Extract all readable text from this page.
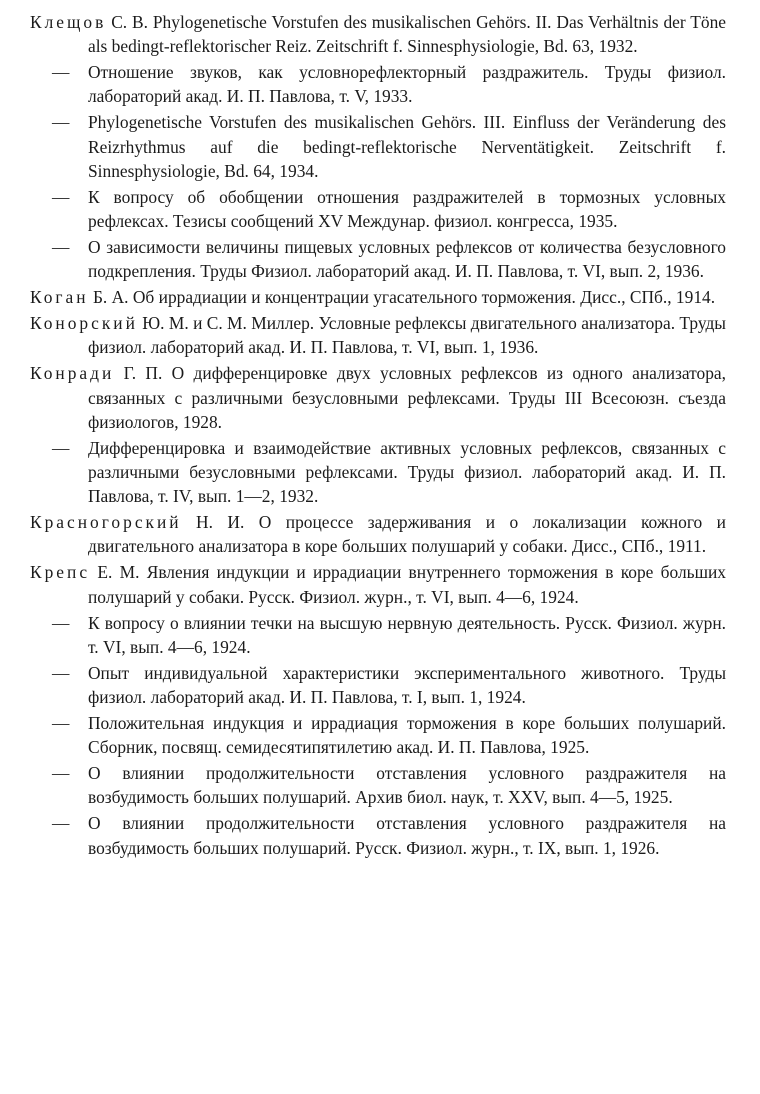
Клещов С. В. Phylogenetische Vorstufen des musikalischen Gehörs. II. Das Verhältnis der Töne als bedingt-reflektorischer Reiz. Zeitschrift f. Sinnesphysiologie, Bd. 63, 1932.
— Отношение звуков, как условнорефлекторный раздражитель. Труды физиол. лабораторий акад. И. П. Павлова, т. V, 1933.
— Phylogenetische Vorstufen des musikalischen Gehörs. III. Einfluss der Veränderung des Reizrhythmus auf die bedingt-reflektorische Nerventätigkeit. Zeitschrift f. Sinnesphysiologie, Bd. 64, 1934.
— К вопросу об обобщении отношения раздражителей в тормозных условных рефлексах. Тезисы сообщений XV Междунар. физиол. конгресса, 1935.
— О зависимости величины пищевых условных рефлексов от количества безусловного подкрепления. Труды Физиол. лабораторий акад. И. П. Павлова, т. VI, вып. 2, 1936.
Коган Б. А. Об иррадиации и концентрации угасательного торможения. Дисс., СПб., 1914.
Конорский Ю. М. и С. М. Миллер. Условные рефлексы двигательного анализатора. Труды физиол. лабораторий акад. И. П. Павлова, т. VI, вып. 1, 1936.
Конради Г. П. О дифференцировке двух условных рефлексов из одного анализатора, связанных с различными безусловными рефлексами. Труды III Всесоюзн. съезда физиологов, 1928.
— Дифференцировка и взаимодействие активных условных рефлексов, связанных с различными безусловными рефлексами. Труды физиол. лабораторий акад. И. П. Павлова, т. IV, вып. 1—2, 1932.
Красногорский Н. И. О процессе задерживания и о локализации кожного и двигательного анализатора в коре больших полушарий у собаки. Дисс., СПб., 1911.
Крепс Е. М. Явления индукции и иррадиации внутреннего торможения в коре больших полушарий у собаки. Русск. Физиол. журн., т. VI, вып. 4—6, 1924.
— К вопросу о влиянии течки на высшую нервную деятельность. Русск. Физиол. журн. т. VI, вып. 4—6, 1924.
— Опыт индивидуальной характеристики экспериментального животного. Труды физиол. лабораторий акад. И. П. Павлова, т. I, вып. 1, 1924.
— Положительная индукция и иррадиация торможения в коре больших полушарий. Сборник, посвящ. семидесятипятилетию акад. И. П. Павлова, 1925.
— О влиянии продолжительности отставления условного раздражителя на возбудимость больших полушарий. Архив биол. наук, т. XXV, вып. 4—5, 1925.
— О влиянии продолжительности отставления условного раздражителя на возбудимость больших полушарий. Русск. Физиол. журн., т. IX, вып. 1, 1926.
